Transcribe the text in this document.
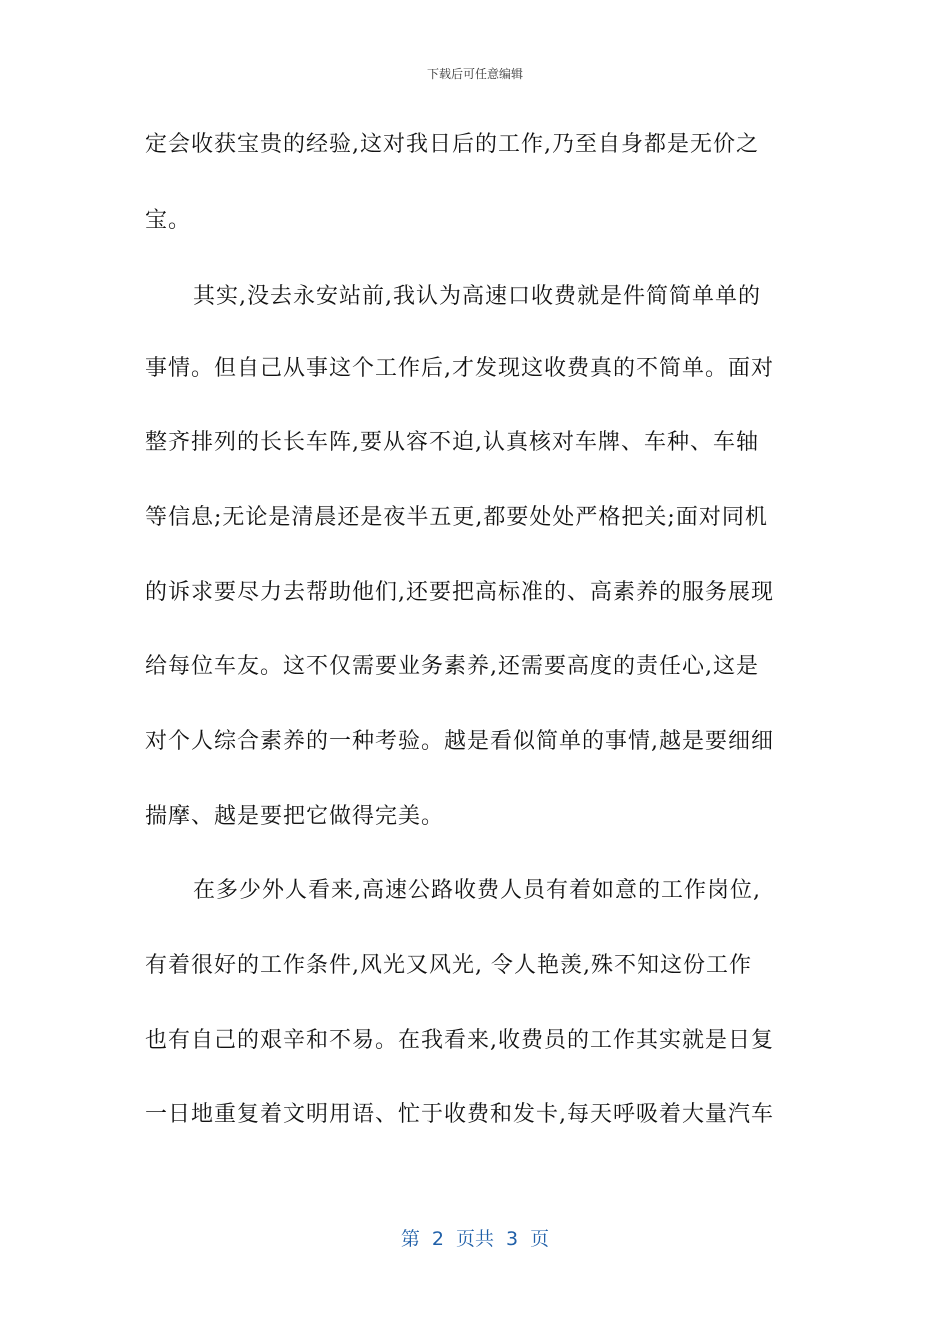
下载后可任意编辑
定会收获宝贵的经验,这对我日后的工作,乃至自身都是无价之
宝。
其实,没去永安站前,我认为高速口收费就是件简简单单的
事情。但自己从事这个工作后,才发现这收费真的不简单。面对
整齐排列的长长车阵,要从容不迫,认真核对车牌、车种、车轴
等信息;无论是清晨还是夜半五更,都要处处严格把关;面对同机
的诉求要尽力去帮助他们,还要把高标准的、高素养的服务展现
给每位车友。这不仅需要业务素养,还需要高度的责任心,这是
对个人综合素养的一种考验。越是看似简单的事情,越是要细细
揣摩、越是要把它做得完美。
在多少外人看来,高速公路收费人员有着如意的工作岗位,
有着很好的工作条件,风光又风光, 令人艳羡,殊不知这份工作
也有自己的艰辛和不易。在我看来,收费员的工作其实就是日复
一日地重复着文明用语、忙于收费和发卡,每天呼吸着大量汽车
第 2 页共 3 页
